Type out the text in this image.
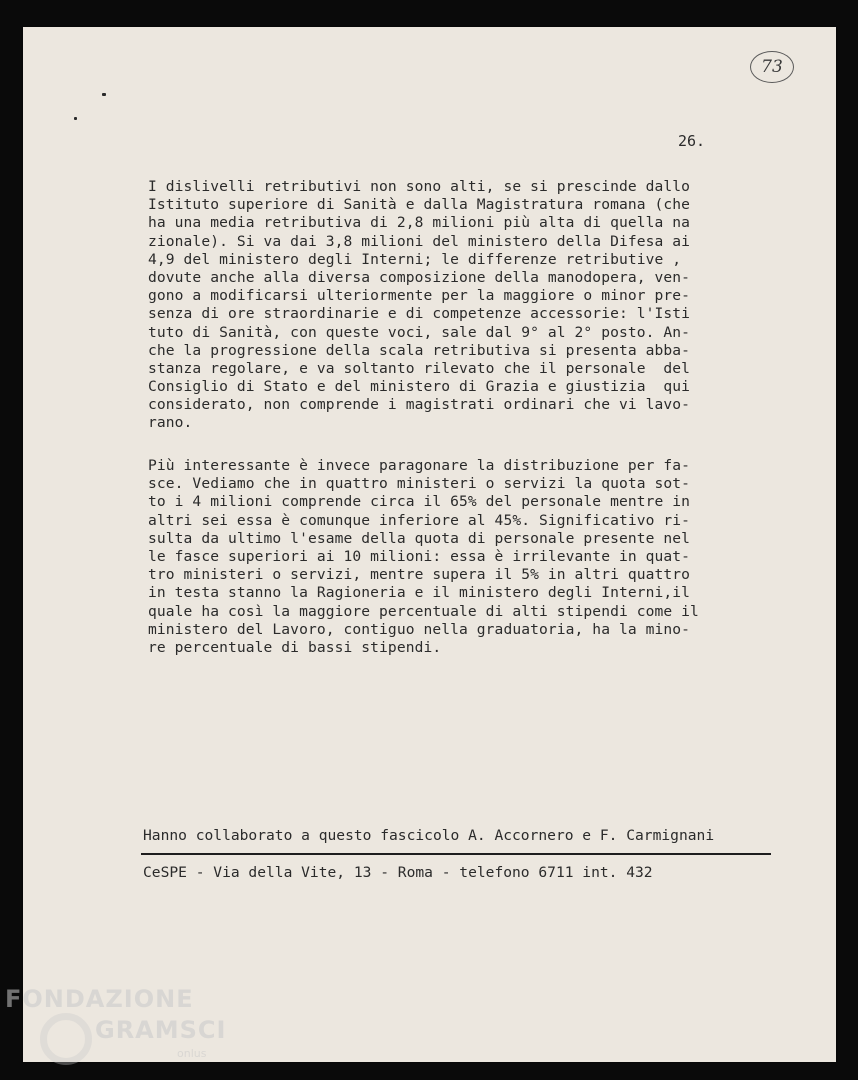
73
26.
I dislivelli retributivi non sono alti, se si prescinde dallo
Istituto superiore di Sanità e dalla Magistratura romana (che
ha una media retributiva di 2,8 milioni più alta di quella na
zionale). Si va dai 3,8 milioni del ministero della Difesa ai
4,9 del ministero degli Interni; le differenze retributive ,
dovute anche alla diversa composizione della manodopera, ven-
gono a modificarsi ulteriormente per la maggiore o minor pre-
senza di ore straordinarie e di competenze accessorie: l'Isti
tuto di Sanità, con queste voci, sale dal 9° al 2° posto. An-
che la progressione della scala retributiva si presenta abba-
stanza regolare, e va soltanto rilevato che il personale  del
Consiglio di Stato e del ministero di Grazia e giustizia  qui
considerato, non comprende i magistrati ordinari che vi lavo-
rano.
Più interessante è invece paragonare la distribuzione per fa-
sce. Vediamo che in quattro ministeri o servizi la quota sot-
to i 4 milioni comprende circa il 65% del personale mentre in
altri sei essa è comunque inferiore al 45%. Significativo ri-
sulta da ultimo l'esame della quota di personale presente nel
le fasce superiori ai 10 milioni: essa è irrilevante in quat-
tro ministeri o servizi, mentre supera il 5% in altri quattro
in testa stanno la Ragioneria e il ministero degli Interni,il
quale ha così la maggiore percentuale di alti stipendi come il
ministero del Lavoro, contiguo nella graduatoria, ha la mino-
re percentuale di bassi stipendi.
Hanno collaborato a questo fascicolo A. Accornero e F. Carmignani
CeSPE - Via della Vite, 13 - Roma - telefono 6711 int. 432
FONDAZIONE
GRAMSCI
onlus
